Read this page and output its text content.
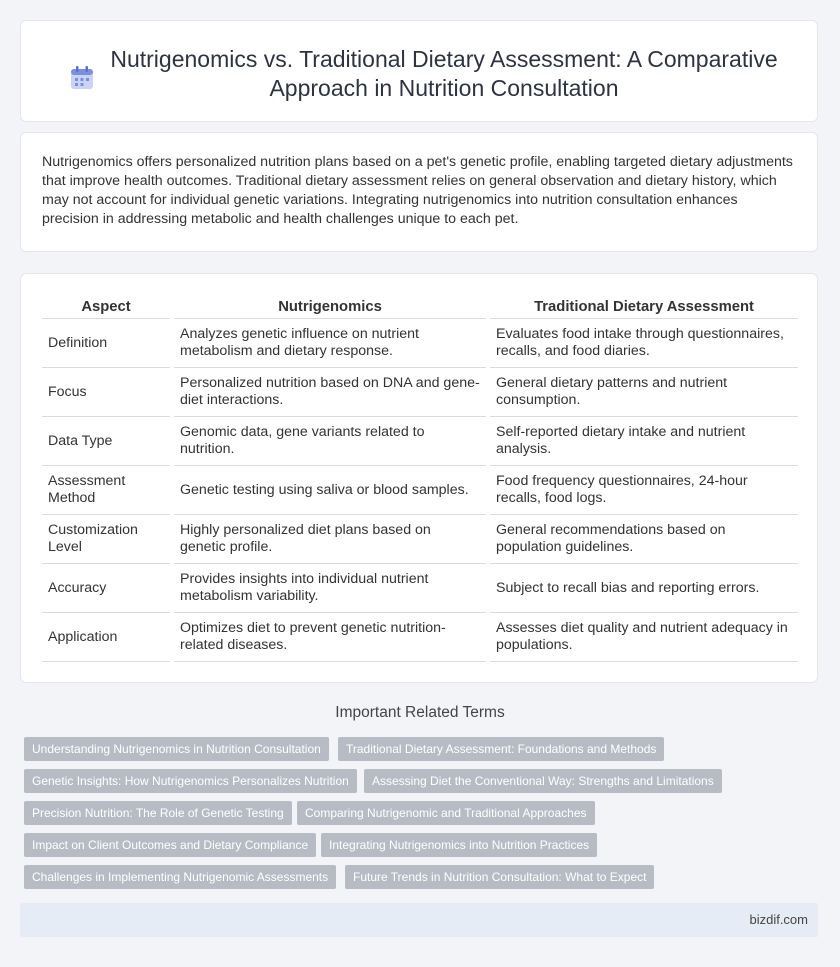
Nutrigenomics vs. Traditional Dietary Assessment: A Comparative Approach in Nutrition Consultation

Nutrigenomics offers personalized nutrition plans based on a pet's genetic profile, enabling targeted dietary adjustments that improve health outcomes. Traditional dietary assessment relies on general observation and dietary history, which may not account for individual genetic variations. Integrating nutrigenomics into nutrition consultation enhances precision in addressing metabolic and health challenges unique to each pet.

Aspect		Nutrigenomics		Traditional Dietary Assessment
Definition		Analyzes genetic influence on nutrient metabolism and dietary response.		Evaluates food intake through questionnaires, recalls, and food diaries.
Focus		Personalized nutrition based on DNA and gene-diet interactions.		General dietary patterns and nutrient consumption.
Data Type		Genomic data, gene variants related to nutrition.		Self-reported dietary intake and nutrient analysis.
Assessment Method		Genetic testing using saliva or blood samples.		Food frequency questionnaires, 24-hour recalls, food logs.
Customization Level		Highly personalized diet plans based on genetic profile.		General recommendations based on population guidelines.
Accuracy		Provides insights into individual nutrient metabolism variability.		Subject to recall bias and reporting errors.
Application		Optimizes diet to prevent genetic nutrition-related diseases.		Assesses diet quality and nutrient adequacy in populations.
Important Related Terms
Understanding Nutrigenomics in Nutrition Consultation	Traditional Dietary Assessment: Foundations and Methods
Genetic Insights: How Nutrigenomics Personalizes Nutrition	Assessing Diet the Conventional Way: Strengths and Limitations
Precision Nutrition: The Role of Genetic Testing	Comparing Nutrigenomic and Traditional Approaches
Impact on Client Outcomes and Dietary Compliance	Integrating Nutrigenomics into Nutrition Practices
Challenges in Implementing Nutrigenomic Assessments	Future Trends in Nutrition Consultation: What to Expect
bizdif.com
